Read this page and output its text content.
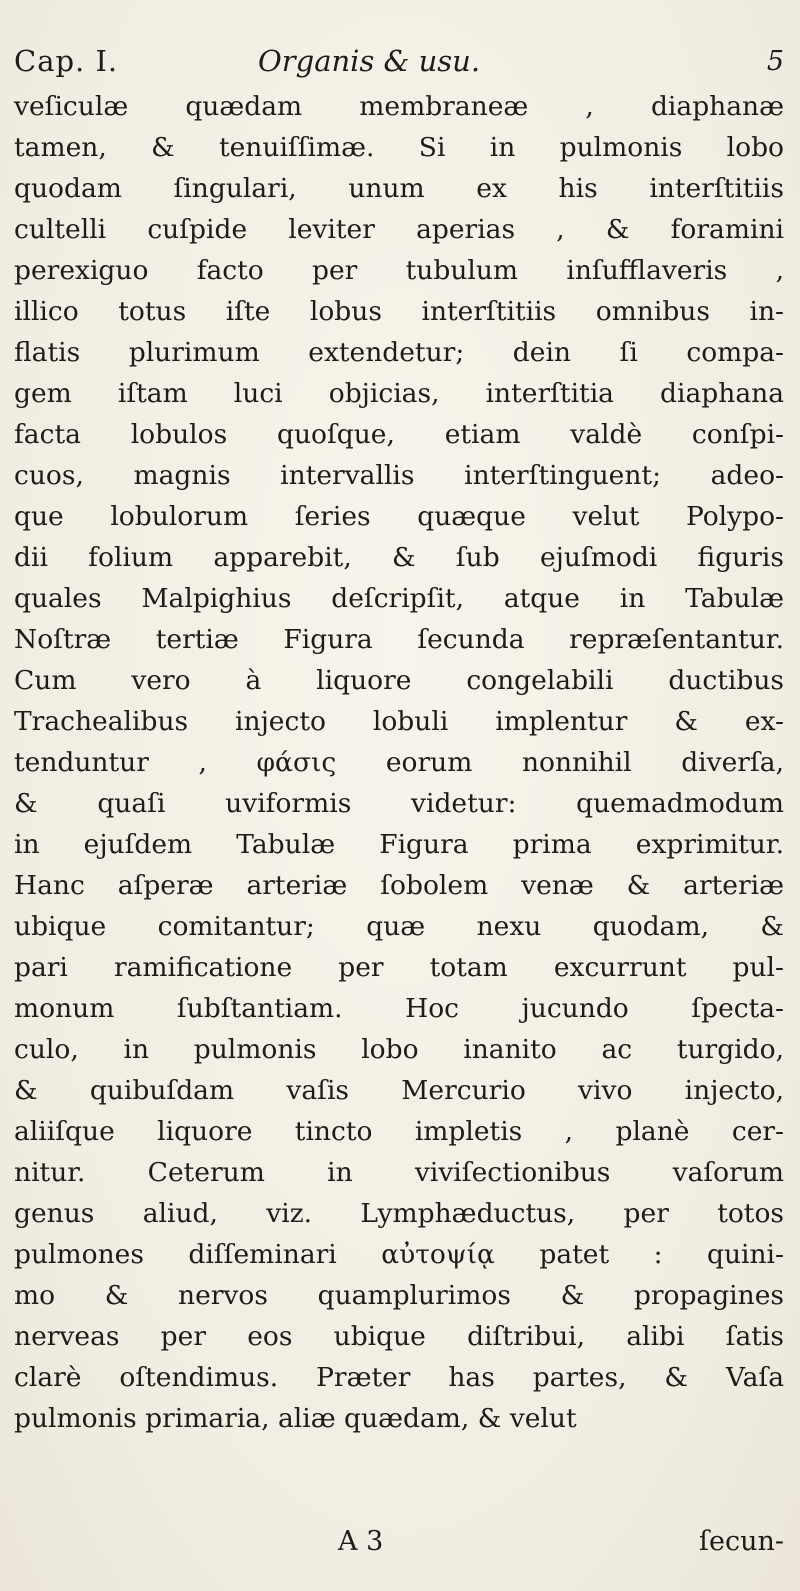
Cap. I.	Organis & usu.	5
veſiculæ quædam membraneæ , diaphanæ
tamen, & tenuiſſimæ. Si in pulmonis lobo
quodam ſingulari, unum ex his interſtitiis
cultelli cuſpide leviter aperias , & foramini
perexiguo facto per tubulum inſufflaveris ,
illico totus iſte lobus interſtitiis omnibus in-
flatis plurimum extendetur; dein ſi compa-
gem iſtam luci objicias, interſtitia diaphana
facta lobulos quoſque, etiam valdè conſpi-
cuos, magnis intervallis interſtinguent; adeo-
que lobulorum ſeries quæque velut Polypo-
dii folium apparebit, & ſub ejuſmodi figuris
quales Malpighius deſcripſit, atque in Tabulæ
Noſtræ tertiæ Figura ſecunda repræſentantur.
Cum vero à liquore congelabili ductibus
Trachealibus injecto lobuli implentur & ex-
tenduntur , φάσις eorum nonnihil diverſa,
& quaſi uviformis videtur: quemadmodum
in ejuſdem Tabulæ Figura prima exprimitur.
Hanc aſperæ arteriæ ſobolem venæ & arteriæ
ubique comitantur; quæ nexu quodam, &
pari ramificatione per totam excurrunt pul-
monum ſubſtantiam. Hoc jucundo ſpecta-
culo, in pulmonis lobo inanito ac turgido,
& quibuſdam vaſis Mercurio vivo injecto,
aliiſque liquore tincto impletis , planè cer-
nitur. Ceterum in viviſectionibus vaſorum
genus aliud, viz. Lymphæductus, per totos
pulmones diſſeminari αὐτοψίᾳ patet : quini-
mo & nervos quamplurimos & propagines
nerveas per eos ubique diſtribui, alibi ſatis
clarè oſtendimus. Præter has partes, & Vaſa
pulmonis primaria, aliæ quædam, & velut
A 3	ſecun-
